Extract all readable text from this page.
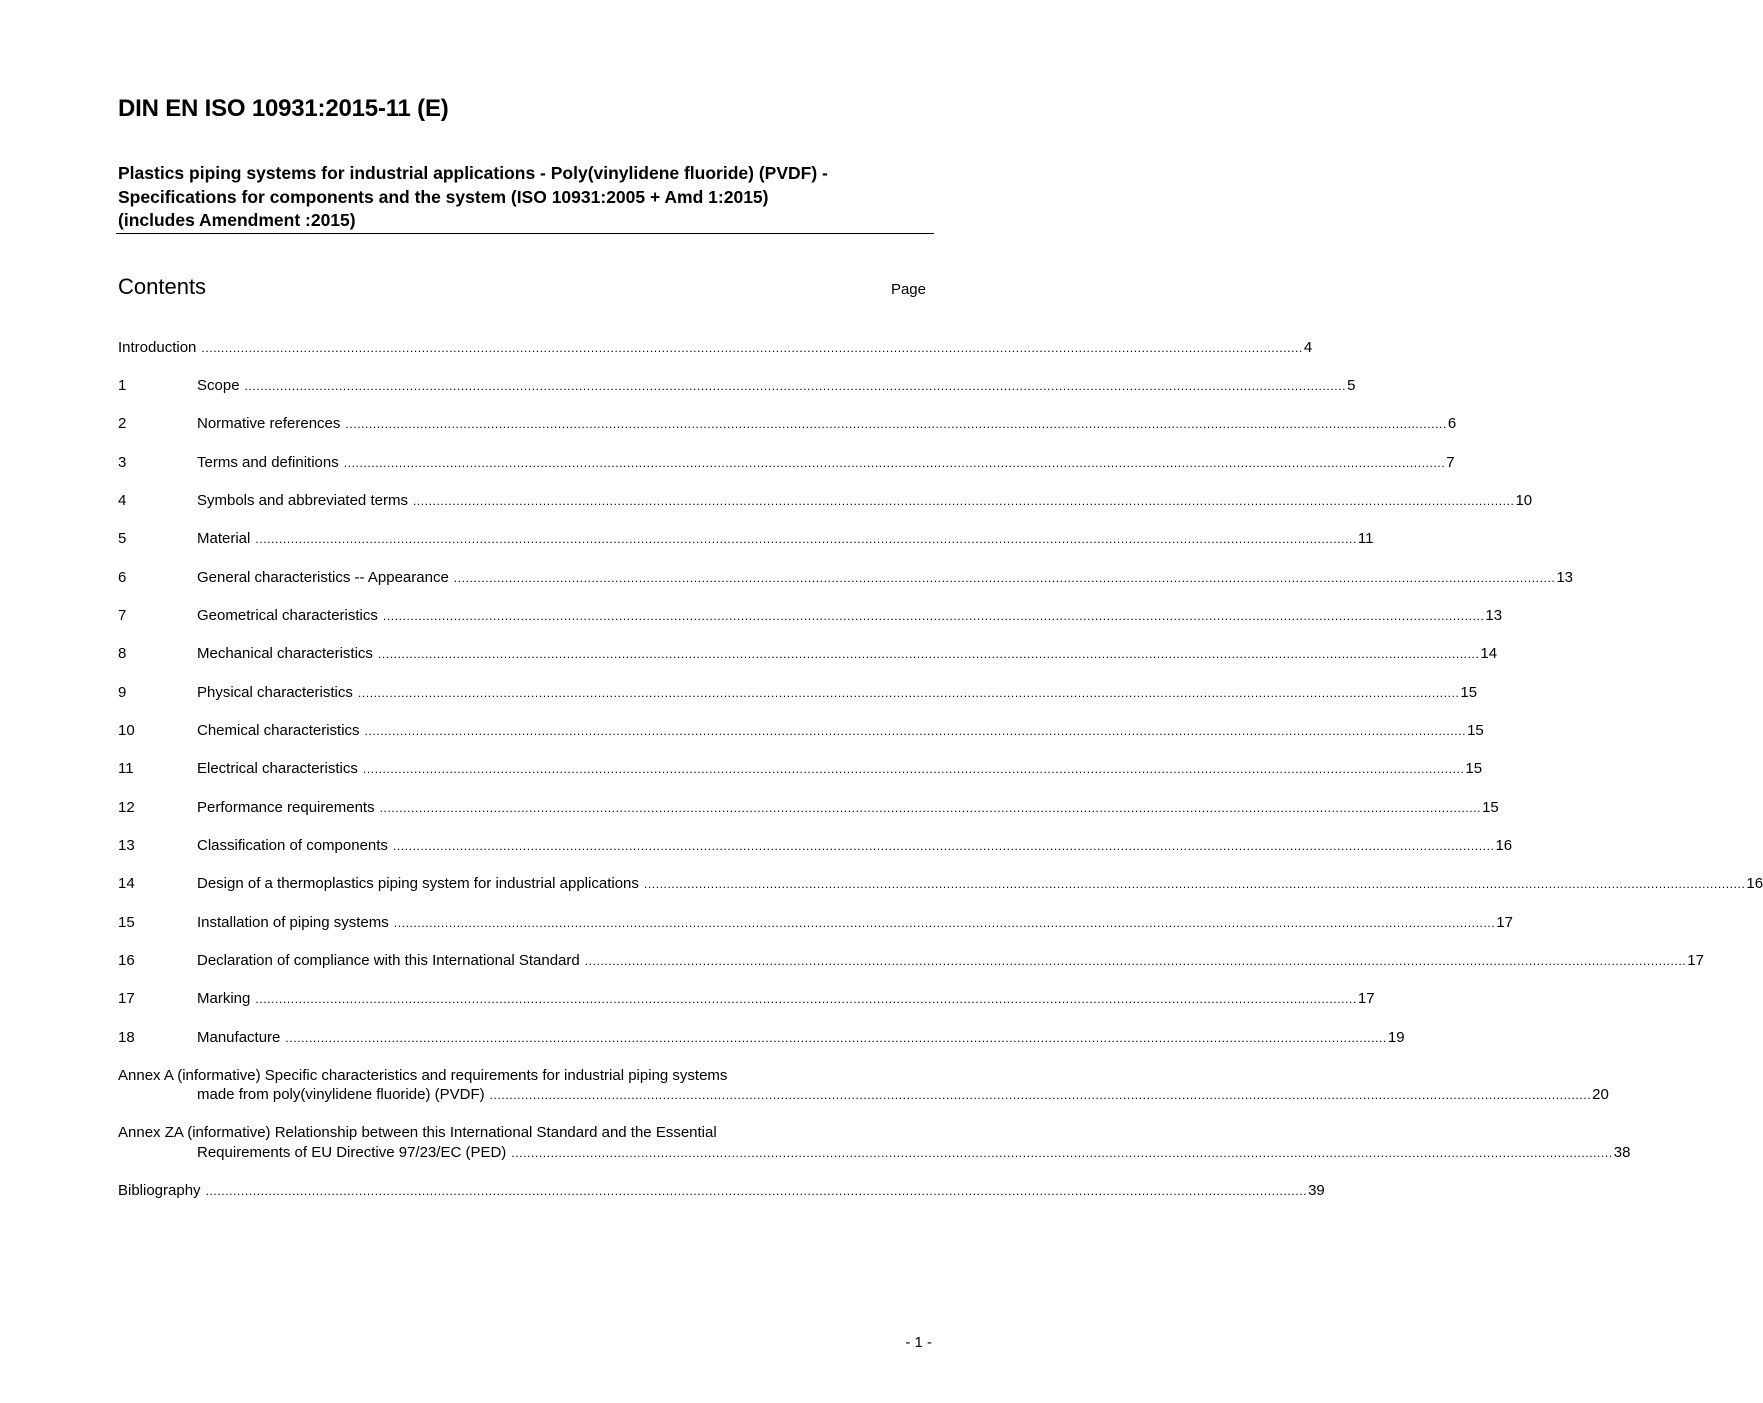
DIN EN ISO 10931:2015-11 (E)
Plastics piping systems for industrial applications - Poly(vinylidene fluoride) (PVDF) -
Specifications for components and the system (ISO 10931:2005 + Amd 1:2015)
(includes Amendment :2015)
Contents	Page
Introduction .....	4
1	Scope .....	5
2	Normative references .....	6
3	Terms and definitions .....	7
4	Symbols and abbreviated terms .....	10
5	Material .....	11
6	General characteristics -- Appearance .....	13
7	Geometrical characteristics .....	13
8	Mechanical characteristics .....	14
9	Physical characteristics .....	15
10	Chemical characteristics .....	15
11	Electrical characteristics .....	15
12	Performance requirements .....	15
13	Classification of components .....	16
14	Design of a thermoplastics piping system for industrial applications .....	16
15	Installation of piping systems .....	17
16	Declaration of compliance with this International Standard .....	17
17	Marking .....	17
18	Manufacture .....	19
Annex A (informative) Specific characteristics and requirements for industrial piping systems
made from poly(vinylidene fluoride) (PVDF) .....	20
Annex ZA (informative) Relationship between this International Standard and the Essential
Requirements of EU Directive 97/23/EC (PED) .....	38
Bibliography .....	39
- 1 -
